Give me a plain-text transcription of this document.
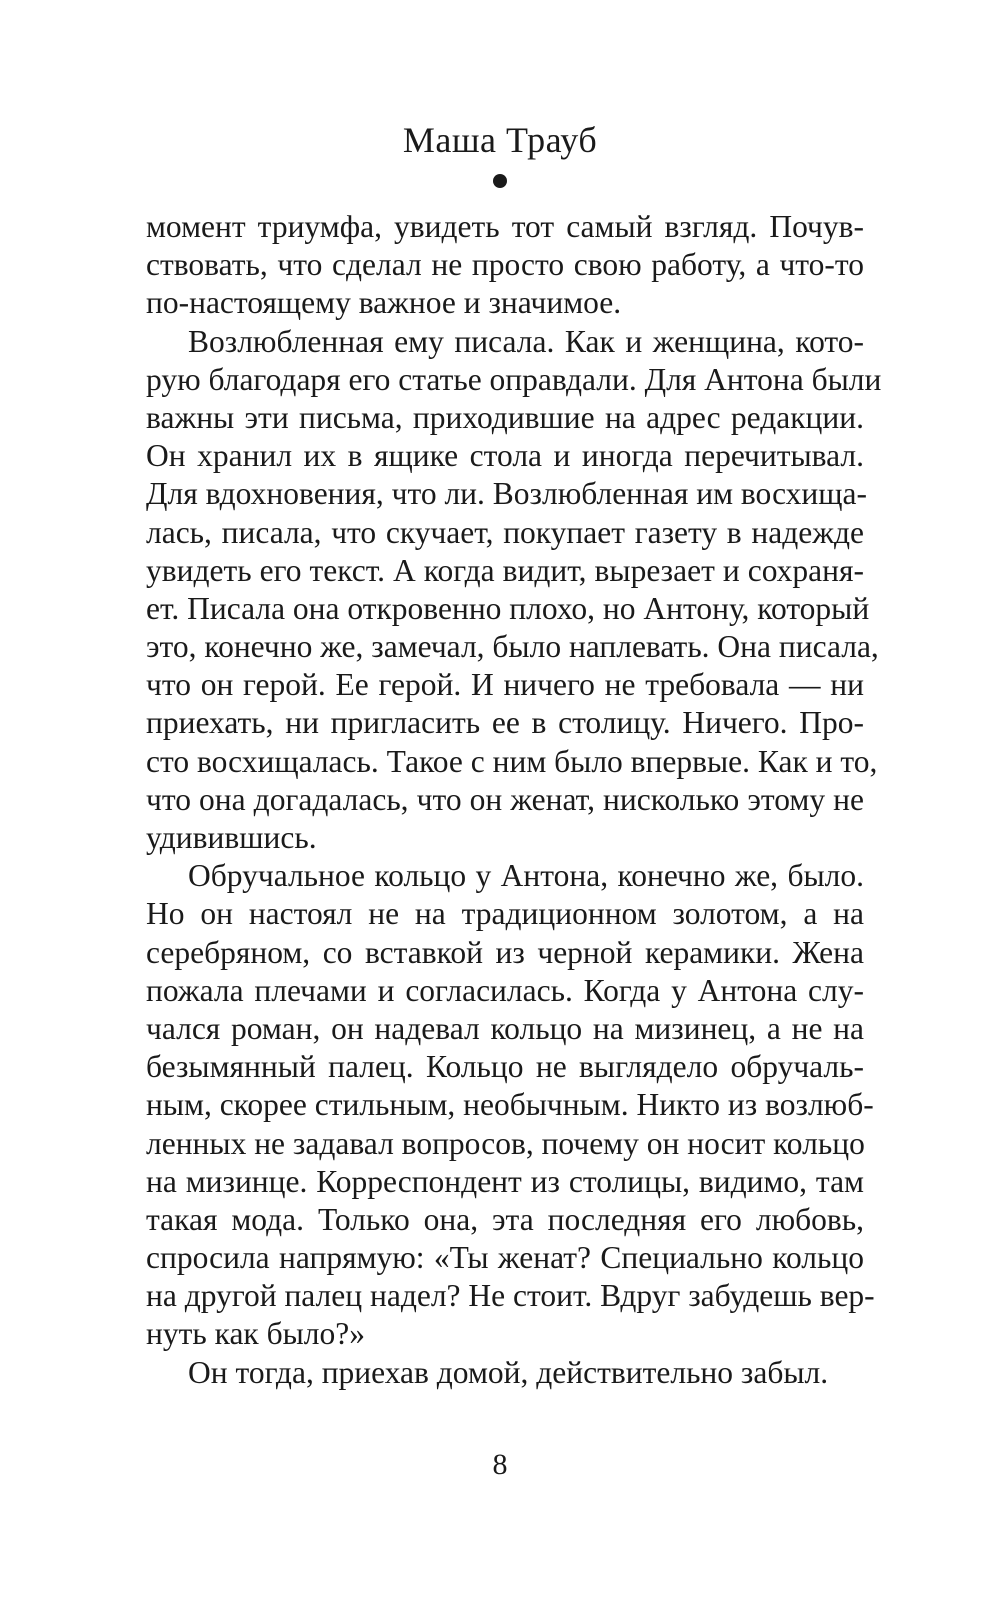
Маша Трауб
момент триумфа, увидеть тот самый взгляд. Почув-
ствовать, что сделал не просто свою работу, а что-то
по-настоящему важное и значимое.
Возлюбленная ему писала. Как и женщина, кото-
рую благодаря его статье оправдали. Для Антона были
важны эти письма, приходившие на адрес редакции.
Он хранил их в ящике стола и иногда перечитывал.
Для вдохновения, что ли. Возлюбленная им восхища-
лась, писала, что скучает, покупает газету в надежде
увидеть его текст. А когда видит, вырезает и сохраня-
ет. Писала она откровенно плохо, но Антону, который
это, конечно же, замечал, было наплевать. Она писала,
что он герой. Ее герой. И ничего не требовала — ни
приехать, ни пригласить ее в столицу. Ничего. Про-
сто восхищалась. Такое с ним было впервые. Как и то,
что она догадалась, что он женат, нисколько этому не
удивившись.
Обручальное кольцо у Антона, конечно же, было.
Но он настоял не на традиционном золотом, а на
серебряном, со вставкой из черной керамики. Жена
пожала плечами и согласилась. Когда у Антона слу-
чался роман, он надевал кольцо на мизинец, а не на
безымянный палец. Кольцо не выглядело обручаль-
ным, скорее стильным, необычным. Никто из возлюб-
ленных не задавал вопросов, почему он носит кольцо
на мизинце. Корреспондент из столицы, видимо, там
такая мода. Только она, эта последняя его любовь,
спросила напрямую: «Ты женат? Специально кольцо
на другой палец надел? Не стоит. Вдруг забудешь вер-
нуть как было?»
Он тогда, приехав домой, действительно забыл.
8
